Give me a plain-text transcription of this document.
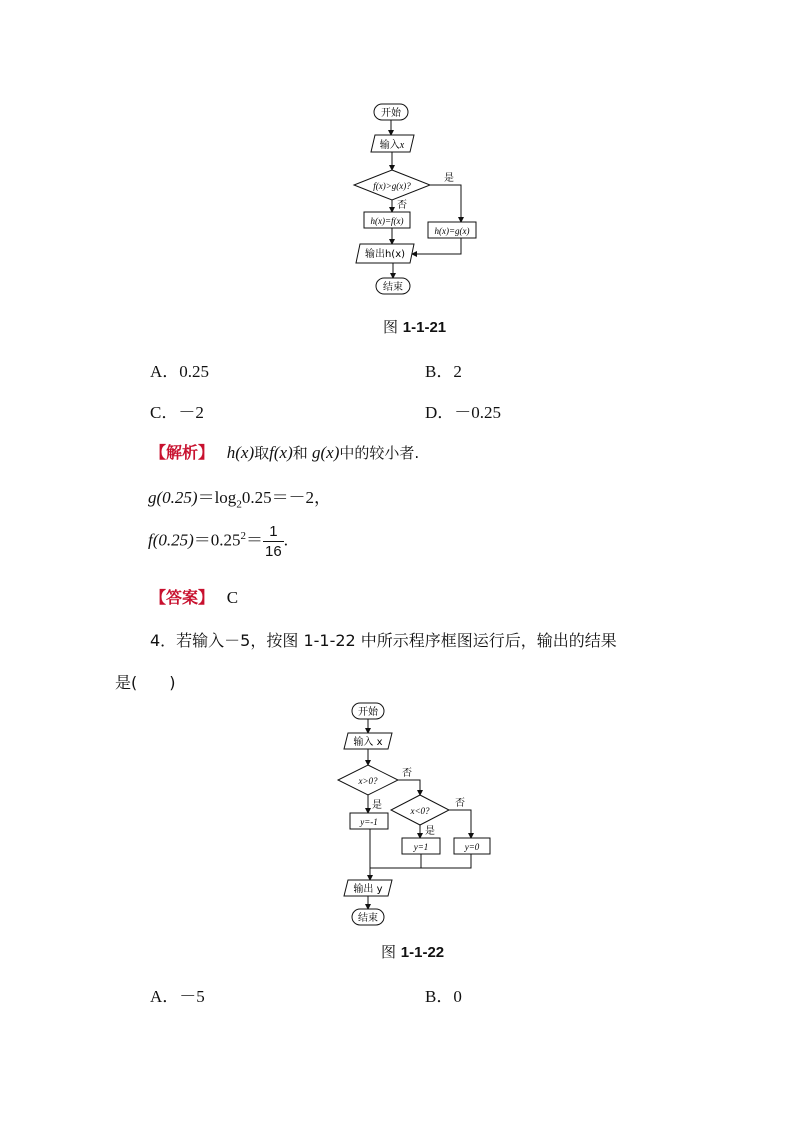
开始
输入x
f(x)>g(x)?
是
否
h(x)=f(x)
h(x)=g(x)
输出h(x)
结束
图 1-1-21
A．0.25	B．2
C．－2	D．－0.25
【解析】 h(x)取f(x)和 g(x)中的较小者.
$g(0.25)=\log_20.25=-2$，
$f(0.25)=0.25^2= \frac{1}{16}$ .
【答案】 C
4．若输入－5，按图 1-1-22 中所示程序框图运行后，输出的结果
是(　　)
开始
输入 x
x>0?
否
是
y=-1
x<0?
否
是
y=1	y=0
输出 y
结束
图 1-1-22
A．－5	B．0
